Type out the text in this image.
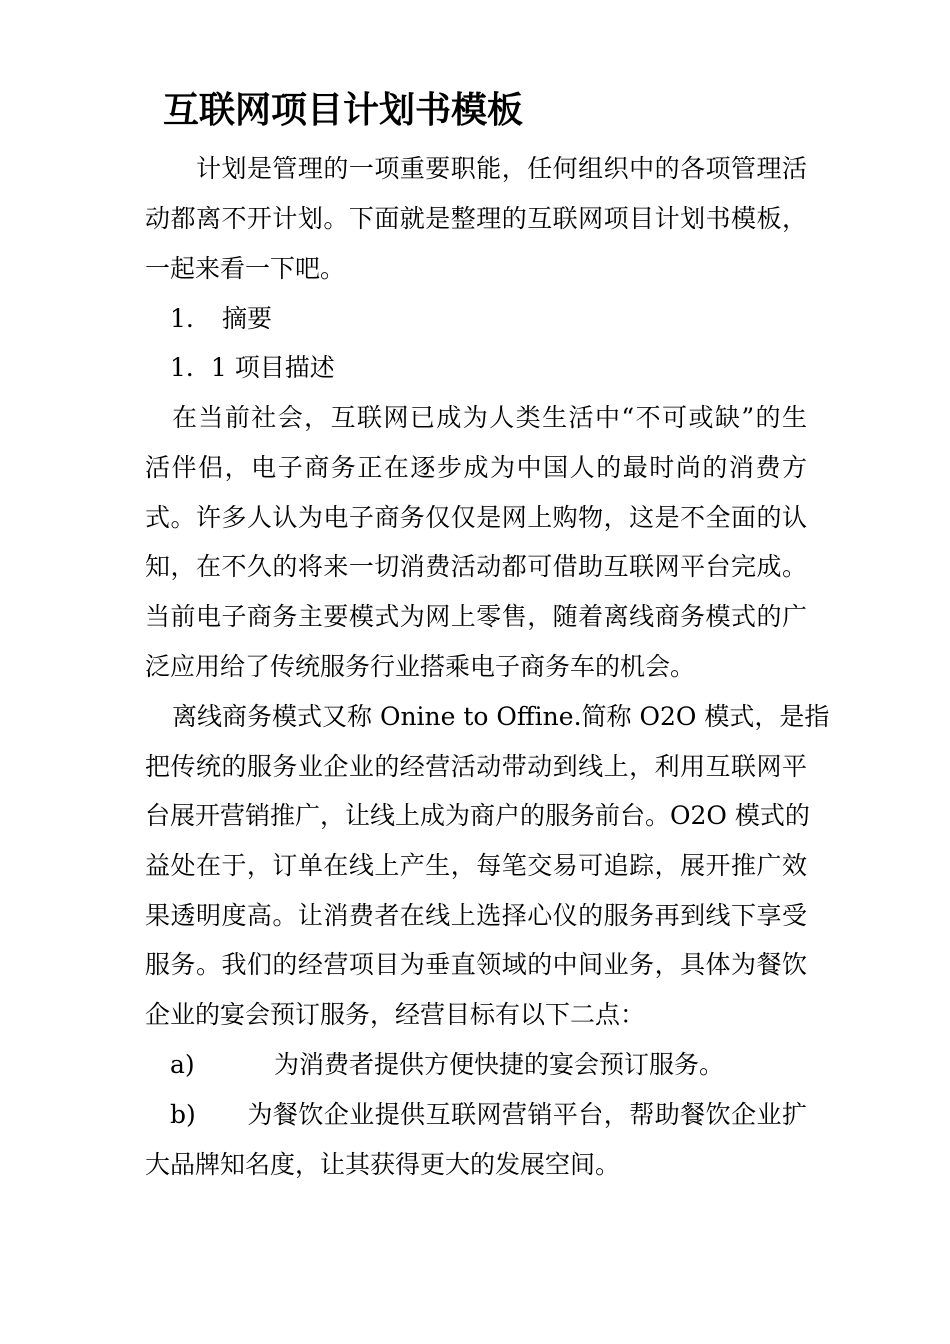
互联网项目计划书模板
计划是管理的一项重要职能，任何组织中的各项管理活
动都离不开计划。下面就是整理的互联网项目计划书模板，
一起来看一下吧。
1. 摘要
1．1 项目描述
在当前社会，互联网已成为人类生活中“不可或缺”的生
活伴侣，电子商务正在逐步成为中国人的最时尚的消费方
式。许多人认为电子商务仅仅是网上购物，这是不全面的认
知，在不久的将来一切消费活动都可借助互联网平台完成。
当前电子商务主要模式为网上零售，随着离线商务模式的广
泛应用给了传统服务行业搭乘电子商务车的机会。
离线商务模式又称 Onine to Offine.简称 O2O 模式，是指
把传统的服务业企业的经营活动带动到线上，利用互联网平
台展开营销推广，让线上成为商户的服务前台。O2O 模式的
益处在于，订单在线上产生，每笔交易可追踪，展开推广效
果透明度高。让消费者在线上选择心仪的服务再到线下享受
服务。我们的经营项目为垂直领域的中间业务，具体为餐饮
企业的宴会预订服务，经营目标有以下二点：
a)	为消费者提供方便快捷的宴会预订服务。
b) 为餐饮企业提供互联网营销平台，帮助餐饮企业扩
大品牌知名度，让其获得更大的发展空间。
